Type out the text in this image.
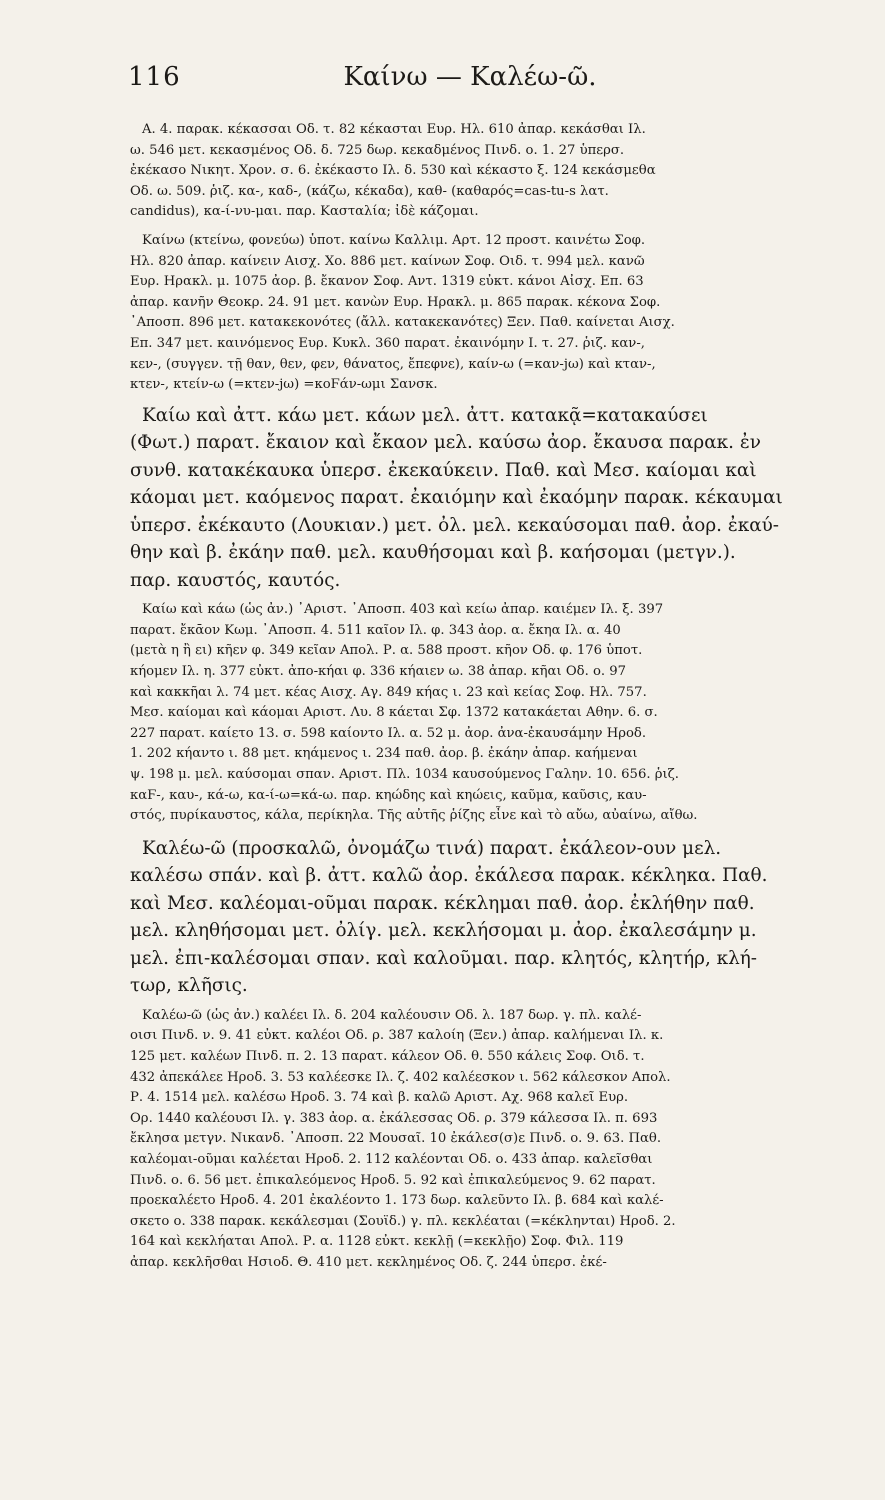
116	Καίνω — Καλέω-ῶ.
Α. 4. παρακ. κέκασσαι Οδ. τ. 82 κέκασται Ευρ. Ηλ. 610 ἀπαρ. κεκάσθαι Ιλ.
ω. 546 μετ. κεκασμένος Οδ. δ. 725 δωρ. κεκαδμένος Πινδ. ο. 1. 27 ὑπερσ.
ἐκέκασο Νικητ. Χρον. σ. 6. ἐκέκαστο Ιλ. δ. 530 καὶ κέκαστο ξ. 124 κεκάσμεθα
Οδ. ω. 509. ῥιζ. κα-, καδ-, (κάζω, κέκαδα), καθ- (καθαρός=cas-tu-s λατ.
candidus), κα-ί-νυ-μαι. παρ. Κασταλία; ἰδὲ κάζομαι.
Καίνω (κτείνω, φονεύω) ὑποτ. καίνω Καλλιμ. Αρτ. 12 προστ. καινέτω Σοφ.
Ηλ. 820 ἀπαρ. καίνειν Αισχ. Χο. 886 μετ. καίνων Σοφ. Οιδ. τ. 994 μελ. κανῶ
Ευρ. Ηρακλ. μ. 1075 ἀορ. β. ἔκανον Σοφ. Αντ. 1319 εὐκτ. κάνοι Αἰσχ. Επ. 63
ἀπαρ. κανῆν Θεοκρ. 24. 91 μετ. κανὼν Ευρ. Ηρακλ. μ. 865 παρακ. κέκονα Σοφ.
᾿Αποσπ. 896 μετ. κατακεκονότες (ἄλλ. κατακεκανότες) Ξεν. Παθ. καίνεται Αισχ.
Επ. 347 μετ. καινόμενος Ευρ. Κυκλ. 360 παρατ. ἐκαινόμην Ι. τ. 27. ῥιζ. καν-,
κεν-, (συγγεν. τῇ θαν, θεν, φεν, θάνατος, ἔπεφνε), καίν-ω (=καν-jω) καὶ κταν-,
κτεν-, κτείν-ω (=κτεν-jω) =κοϜάν-ωμι Σανσκ.
Καίω καὶ ἀττ. κάω μετ. κάων μελ. ἀττ. κατακᾷ=κατακαύσει
(Φωτ.) παρατ. ἔκαιον καὶ ἔκαον μελ. καύσω ἀορ. ἔκαυσα παρακ. ἐν
συνθ. κατακέκαυκα ὑπερσ. ἐκεκαύκειν. Παθ. καὶ Μεσ. καίομαι καὶ
κάομαι μετ. καόμενος παρατ. ἐκαιόμην καὶ ἐκαόμην παρακ. κέκαυμαι
ὑπερσ. ἐκέκαυτο (Λουκιαν.) μετ. ὀλ. μελ. κεκαύσομαι παθ. ἀορ. ἐκαύ-
θην καὶ β. ἐκάην παθ. μελ. καυθήσομαι καὶ β. καήσομαι (μετγν.).
παρ. καυστός, καυτός.
Καίω καὶ κάω (ὡς ἀν.) ᾿Αριστ. ᾿Αποσπ. 403 καὶ κείω ἀπαρ. καιέμεν Ιλ. ξ. 397
παρατ. ἔκᾱον Κωμ. ᾿Αποσπ. 4. 511 καῖον Ιλ. φ. 343 ἀορ. α. ἔκηα Ιλ. α. 40
(μετὰ η ἢ ει) κῆεν φ. 349 κεῖαν Απολ. Ρ. α. 588 προστ. κῆον Οδ. φ. 176 ὑποτ.
κήομεν Ιλ. η. 377 εὐκτ. ἀπο-κήαι φ. 336 κήαιεν ω. 38 ἀπαρ. κῆαι Οδ. ο. 97
καὶ κακκῆαι λ. 74 μετ. κέας Αισχ. Αγ. 849 κήας ι. 23 καὶ κείας Σοφ. Ηλ. 757.
Μεσ. καίομαι καὶ κάομαι Αριστ. Λυ. 8 κάεται Σφ. 1372 κατακάεται Αθην. 6. σ.
227 παρατ. καίετο 13. σ. 598 καίοντο Ιλ. α. 52 μ. ἀορ. ἀνα-ἐκαυσάμην Ηροδ.
1. 202 κήαντο ι. 88 μετ. κηάμενος ι. 234 παθ. ἀορ. β. ἐκάην ἀπαρ. καήμεναι
ψ. 198 μ. μελ. καύσομαι σπαν. Αριστ. Πλ. 1034 καυσούμενος Γαλην. 10. 656. ῥιζ.
καϜ-, καυ-, κά-ω, κα-ί-ω=κά-ω. παρ. κηώδης καὶ κηώεις, καῦμα, καῦσις, καυ-
στός, πυρίκαυστος, κάλα, περίκηλα. Τῆς αὐτῆς ῥίζης εἶνε καὶ τὸ αὔω, αὐαίνω, αἴθω.
Καλέω-ῶ (προσκαλῶ, ὀνομάζω τινά) παρατ. ἐκάλεον-ουν μελ.
καλέσω σπάν. καὶ β. ἀττ. καλῶ ἀορ. ἐκάλεσα παρακ. κέκληκα. Παθ.
καὶ Μεσ. καλέομαι-οῦμαι παρακ. κέκλημαι παθ. ἀορ. ἐκλήθην παθ.
μελ. κληθήσομαι μετ. ὀλίγ. μελ. κεκλήσομαι μ. ἀορ. ἐκαλεσάμην μ.
μελ. ἐπι-καλέσομαι σπαν. καὶ καλοῦμαι. παρ. κλητός, κλητήρ, κλή-
τωρ, κλῆσις.
Καλέω-ῶ (ὡς ἀν.) καλέει Ιλ. δ. 204 καλέουσιν Οδ. λ. 187 δωρ. γ. πλ. καλέ-
οισι Πινδ. ν. 9. 41 εὐκτ. καλέοι Οδ. ρ. 387 καλοίη (Ξεν.) ἀπαρ. καλήμεναι Ιλ. κ.
125 μετ. καλέων Πινδ. π. 2. 13 παρατ. κάλεον Οδ. θ. 550 κάλεις Σοφ. Οιδ. τ.
432 ἀπεκάλεε Ηροδ. 3. 53 καλέεσκε Ιλ. ζ. 402 καλέεσκον ι. 562 κάλεσκον Απολ.
Ρ. 4. 1514 μελ. καλέσω Ηροδ. 3. 74 καὶ β. καλῶ Αριστ. Αχ. 968 καλεῖ Ευρ.
Ορ. 1440 καλέουσι Ιλ. γ. 383 ἀορ. α. ἐκάλεσσας Οδ. ρ. 379 κάλεσσα Ιλ. π. 693
ἔκλησα μετγν. Νικανδ. ᾿Αποσπ. 22 Μουσαῖ. 10 ἐκάλεσ(σ)ε Πινδ. ο. 9. 63. Παθ.
καλέομαι-οῦμαι καλέεται Ηροδ. 2. 112 καλέονται Οδ. ο. 433 ἀπαρ. καλεῖσθαι
Πινδ. ο. 6. 56 μετ. ἐπικαλεόμενος Ηροδ. 5. 92 καὶ ἐπικαλεύμενος 9. 62 παρατ.
προεκαλέετο Ηροδ. 4. 201 ἐκαλέοντο 1. 173 δωρ. καλεῦντο Ιλ. β. 684 καὶ καλέ-
σκετο ο. 338 παρακ. κεκάλεσμαι (Σουϊδ.) γ. πλ. κεκλέαται (=κέκληνται) Ηροδ. 2.
164 καὶ κεκλήαται Απολ. Ρ. α. 1128 εὐκτ. κεκλῇ (=κεκλῇο) Σοφ. Φιλ. 119
ἀπαρ. κεκλῆσθαι Ησιοδ. Θ. 410 μετ. κεκλημένος Οδ. ζ. 244 ὑπερσ. ἐκέ-
